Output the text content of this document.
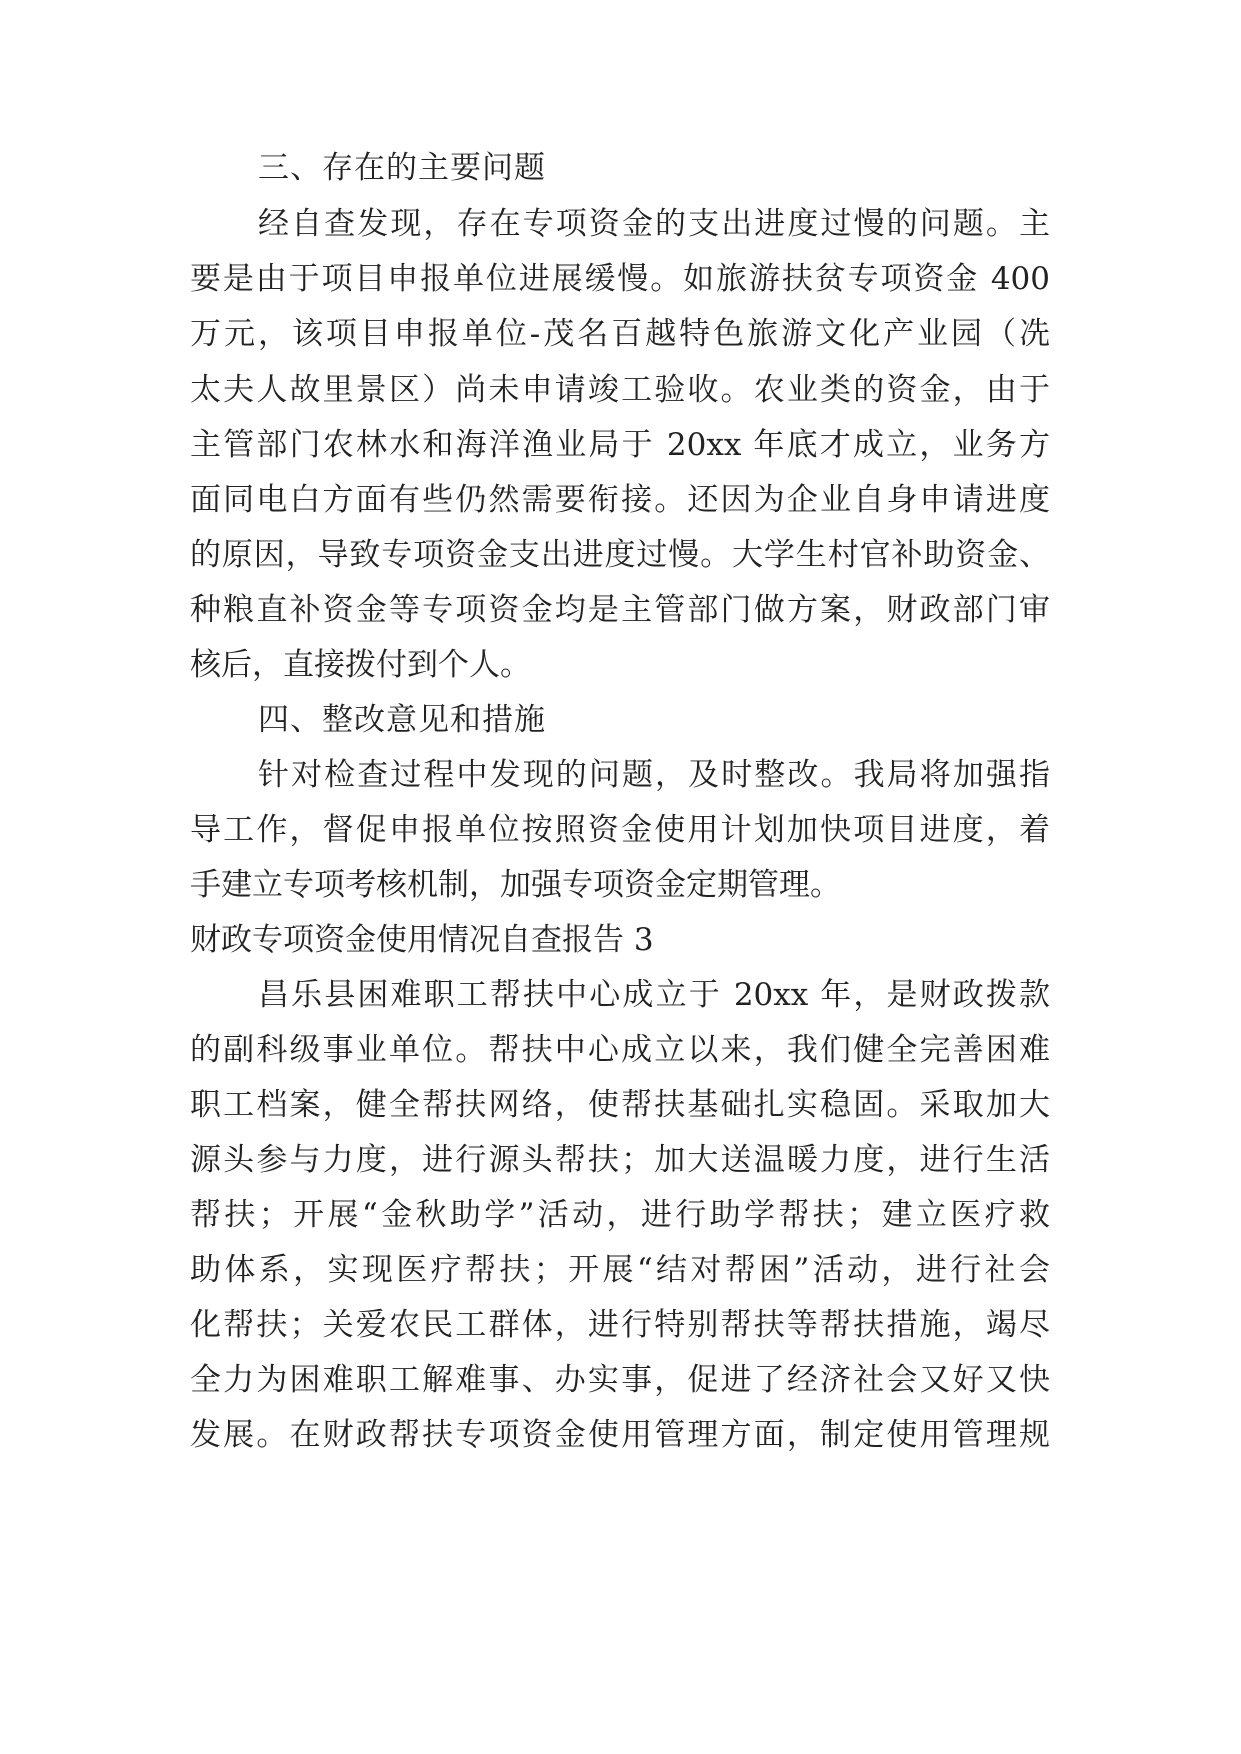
三、存在的主要问题
经自查发现，存在专项资金的支出进度过慢的问题。主
要是由于项目申报单位进展缓慢。如旅游扶贫专项资金 400
万元，该项目申报单位-茂名百越特色旅游文化产业园（冼
太夫人故里景区）尚未申请竣工验收。农业类的资金，由于
主管部门农林水和海洋渔业局于 20xx 年底才成立，业务方
面同电白方面有些仍然需要衔接。还因为企业自身申请进度
的原因，导致专项资金支出进度过慢。大学生村官补助资金、
种粮直补资金等专项资金均是主管部门做方案，财政部门审
核后，直接拨付到个人。
四、整改意见和措施
针对检查过程中发现的问题，及时整改。我局将加强指
导工作，督促申报单位按照资金使用计划加快项目进度，着
手建立专项考核机制，加强专项资金定期管理。
财政专项资金使用情况自查报告 3
昌乐县困难职工帮扶中心成立于 20xx 年，是财政拨款
的副科级事业单位。帮扶中心成立以来，我们健全完善困难
职工档案，健全帮扶网络，使帮扶基础扎实稳固。采取加大
源头参与力度，进行源头帮扶；加大送温暖力度，进行生活
帮扶；开展“金秋助学”活动，进行助学帮扶；建立医疗救
助体系，实现医疗帮扶；开展“结对帮困”活动，进行社会
化帮扶；关爱农民工群体，进行特别帮扶等帮扶措施，竭尽
全力为困难职工解难事、办实事，促进了经济社会又好又快
发展。在财政帮扶专项资金使用管理方面，制定使用管理规
